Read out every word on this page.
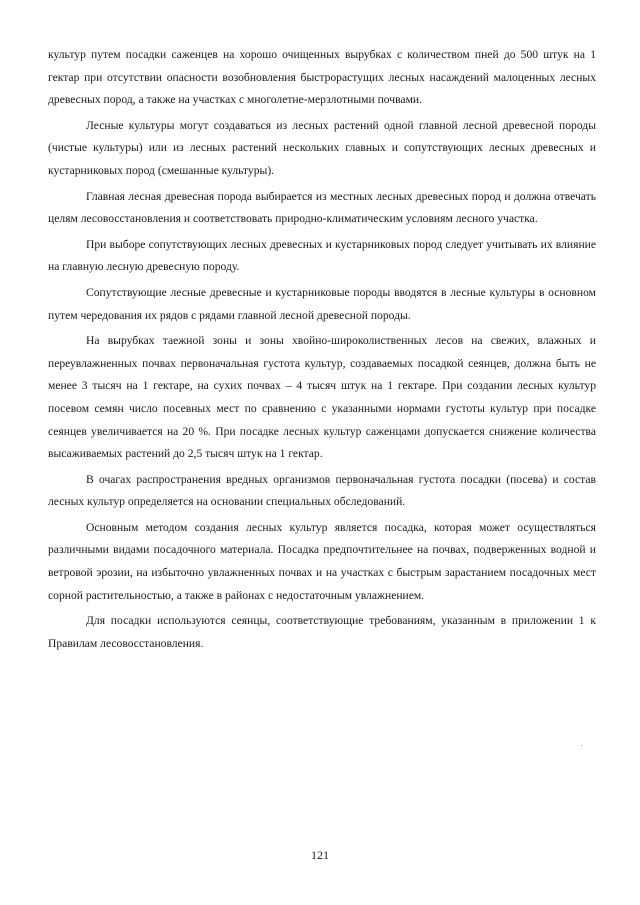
культур путем посадки саженцев на хорошо очищенных вырубках с количеством пней до 500 штук на 1 гектар при отсутствии опасности возобновления быстрорастущих лесных насаждений малоценных лесных древесных пород, а также на участках с многолетне-мерзлотными почвами.

Лесные культуры могут создаваться из лесных растений одной главной лесной древесной породы (чистые культуры) или из лесных растений нескольких главных и сопутствующих лесных древесных и кустарниковых пород (смешанные культуры).

Главная лесная древесная порода выбирается из местных лесных древесных пород и должна отвечать целям лесовосстановления и соответствовать природно-климатическим условиям лесного участка.

При выборе сопутствующих лесных древесных и кустарниковых пород следует учитывать их влияние на главную лесную древесную породу.

Сопутствующие лесные древесные и кустарниковые породы вводятся в лесные культуры в основном путем чередования их рядов с рядами главной лесной древесной породы.

На вырубках таежной зоны и зоны хвойно-широколиственных лесов на свежих, влажных и переувлажненных почвах первоначальная густота культур, создаваемых посадкой сеянцев, должна быть не менее 3 тысяч на 1 гектаре, на сухих почвах – 4 тысяч штук на 1 гектаре. При создании лесных культур посевом семян число посевных мест по сравнению с указанными нормами густоты культур при посадке сеянцев увеличивается на 20 %. При посадке лесных культур саженцами допускается снижение количества высаживаемых растений до 2,5 тысяч штук на 1 гектар.

В очагах распространения вредных организмов первоначальная густота посадки (посева) и состав лесных культур определяется на основании специальных обследований.

Основным методом создания лесных культур является посадка, которая может осуществляться различными видами посадочного материала. Посадка предпочтительнее на почвах, подверженных водной и ветровой эрозии, на избыточно увлажненных почвах и на участках с быстрым зарастанием посадочных мест сорной растительностью, а также в районах с недостаточным увлажнением.

Для посадки используются сеянцы, соответствующие требованиям, указанным в приложении 1 к Правилам лесовосстановления.

121
